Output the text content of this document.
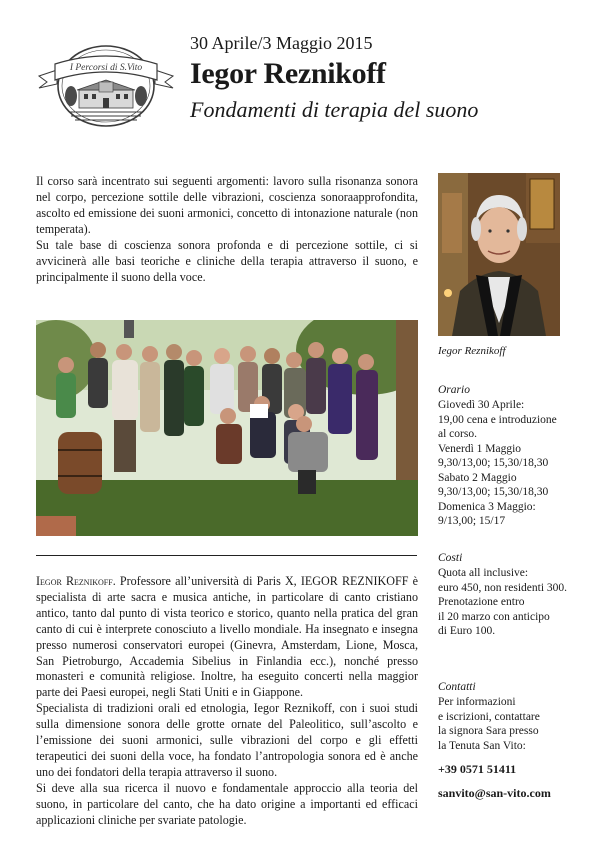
I Percorsi di S.Vito
30 Aprile/3 Maggio 2015
Iegor Reznikoff
Fondamenti di terapia del suono

Il corso sarà incentrato sui seguenti argomenti: lavoro sulla risonanza sonora nel corpo, percezione sottile delle vibrazioni, coscienza sonoraapprofondita, ascolto ed emissione dei suoni armonici, concetto di intonazione naturale (non temperata).

Su tale base di coscienza sonora profonda e di percezione sottile, ci si avvicinerà alle basi teoriche e cliniche della terapia attraverso il suono, e principalmente il suono della voce.

Iegor Reznikoff
Orario
Giovedì 30 Aprile:
19,00 cena e introduzione
al corso.
Venerdì 1 Maggio
9,30/13,00; 15,30/18,30
Sabato 2 Maggio
9,30/13,00; 15,30/18,30
Domenica 3 Maggio:
9/13,00; 15/17
Costi
Quota all inclusive:
euro 450, non residenti 300.
Prenotazione entro
il 20 marzo con anticipo
di Euro 100.
Contatti
Per informazioni
e iscrizioni, contattare
la signora Sara presso
la Tenuta San Vito:
+39 0571 51411
sanvito@san-vito.com

Iegor Reznikoff. Professore all’università di Paris X, IEGOR REZNIKOFF è specialista di arte sacra e musica antiche, in particolare di canto cristiano antico, tanto dal punto di vista teorico e storico, quanto nella pratica del gran canto di cui è interprete conosciuto a livello mondiale. Ha insegnato e insegna presso numerosi conservatori europei (Ginevra, Amsterdam, Lione, Mosca, San Pietroburgo, Accademia Sibelius in Finlandia ecc.), nonché presso monasteri e comunità religiose. Inoltre, ha eseguito concerti nella maggior parte dei Paesi europei, negli Stati Uniti e in Giappone.

Specialista di tradizioni orali ed etnologia, Iegor Reznikoff, con i suoi studi sulla dimensione sonora delle grotte ornate del Paleolitico, sull’ascolto e l’emissione dei suoni armonici, sulle vibrazioni del corpo e gli effetti terapeutici dei suoni della voce, ha fondato l’antropologia sonora ed è anche uno dei fondatori della terapia attraverso il suono.

Si deve alla sua ricerca il nuovo e fondamentale approccio alla teoria del suono, in particolare del canto, che ha dato origine a importanti ed efficaci applicazioni cliniche per svariate patologie.
